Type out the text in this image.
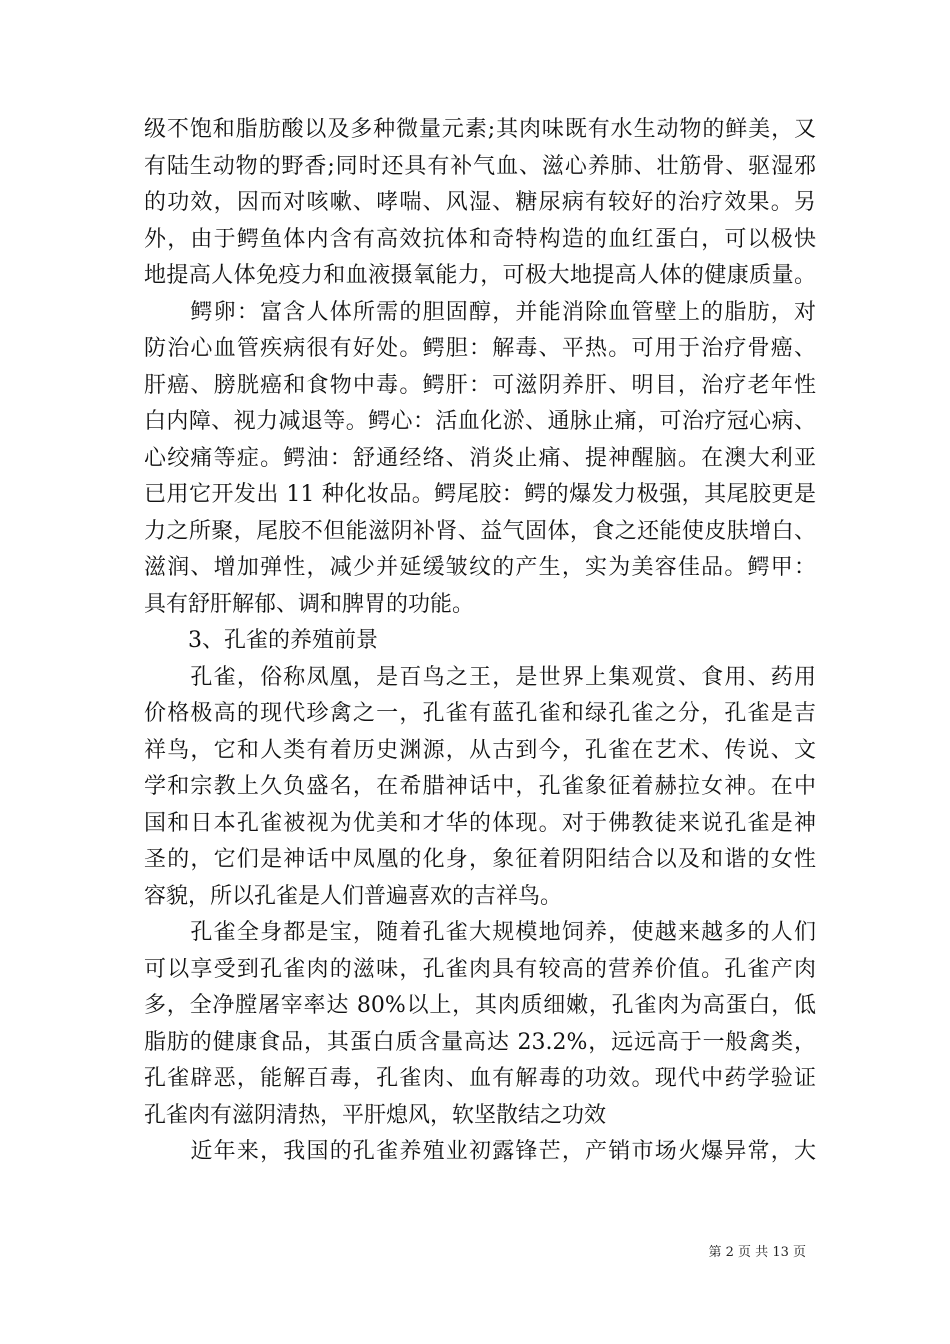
级不饱和脂肪酸以及多种微量元素;其肉味既有水生动物的鲜美，又
有陆生动物的野香;同时还具有补气血、滋心养肺、壮筋骨、驱湿邪
的功效，因而对咳嗽、哮喘、风湿、糖尿病有较好的治疗效果。另
外，由于鳄鱼体内含有高效抗体和奇特构造的血红蛋白，可以极快
地提高人体免疫力和血液摄氧能力，可极大地提高人体的健康质量。
　　鳄卵：富含人体所需的胆固醇，并能消除血管壁上的脂肪，对
防治心血管疾病很有好处。鳄胆：解毒、平热。可用于治疗骨癌、
肝癌、膀胱癌和食物中毒。鳄肝：可滋阴养肝、明目，治疗老年性
白内障、视力减退等。鳄心：活血化淤、通脉止痛，可治疗冠心病、
心绞痛等症。鳄油：舒通经络、消炎止痛、提神醒脑。在澳大利亚
已用它开发出 11 种化妆品。鳄尾胶：鳄的爆发力极强，其尾胶更是
力之所聚，尾胶不但能滋阴补肾、益气固体，食之还能使皮肤增白、
滋润、增加弹性，减少并延缓皱纹的产生，实为美容佳品。鳄甲：
具有舒肝解郁、调和脾胃的功能。
　　3、孔雀的养殖前景
　　孔雀，俗称凤凰，是百鸟之王，是世界上集观赏、食用、药用
价格极高的现代珍禽之一，孔雀有蓝孔雀和绿孔雀之分，孔雀是吉
祥鸟，它和人类有着历史渊源，从古到今，孔雀在艺术、传说、文
学和宗教上久负盛名，在希腊神话中，孔雀象征着赫拉女神。在中
国和日本孔雀被视为优美和才华的体现。对于佛教徒来说孔雀是神
圣的，它们是神话中凤凰的化身，象征着阴阳结合以及和谐的女性
容貌，所以孔雀是人们普遍喜欢的吉祥鸟。
　　孔雀全身都是宝，随着孔雀大规模地饲养，使越来越多的人们
可以享受到孔雀肉的滋味，孔雀肉具有较高的营养价值。孔雀产肉
多，全净膛屠宰率达 80%以上，其肉质细嫩，孔雀肉为高蛋白，低
脂肪的健康食品，其蛋白质含量高达 23.2%，远远高于一般禽类，
孔雀辟恶，能解百毒，孔雀肉、血有解毒的功效。现代中药学验证
孔雀肉有滋阴清热，平肝熄风，软坚散结之功效
　　近年来，我国的孔雀养殖业初露锋芒，产销市场火爆异常，大
第 2 页 共 13 页
